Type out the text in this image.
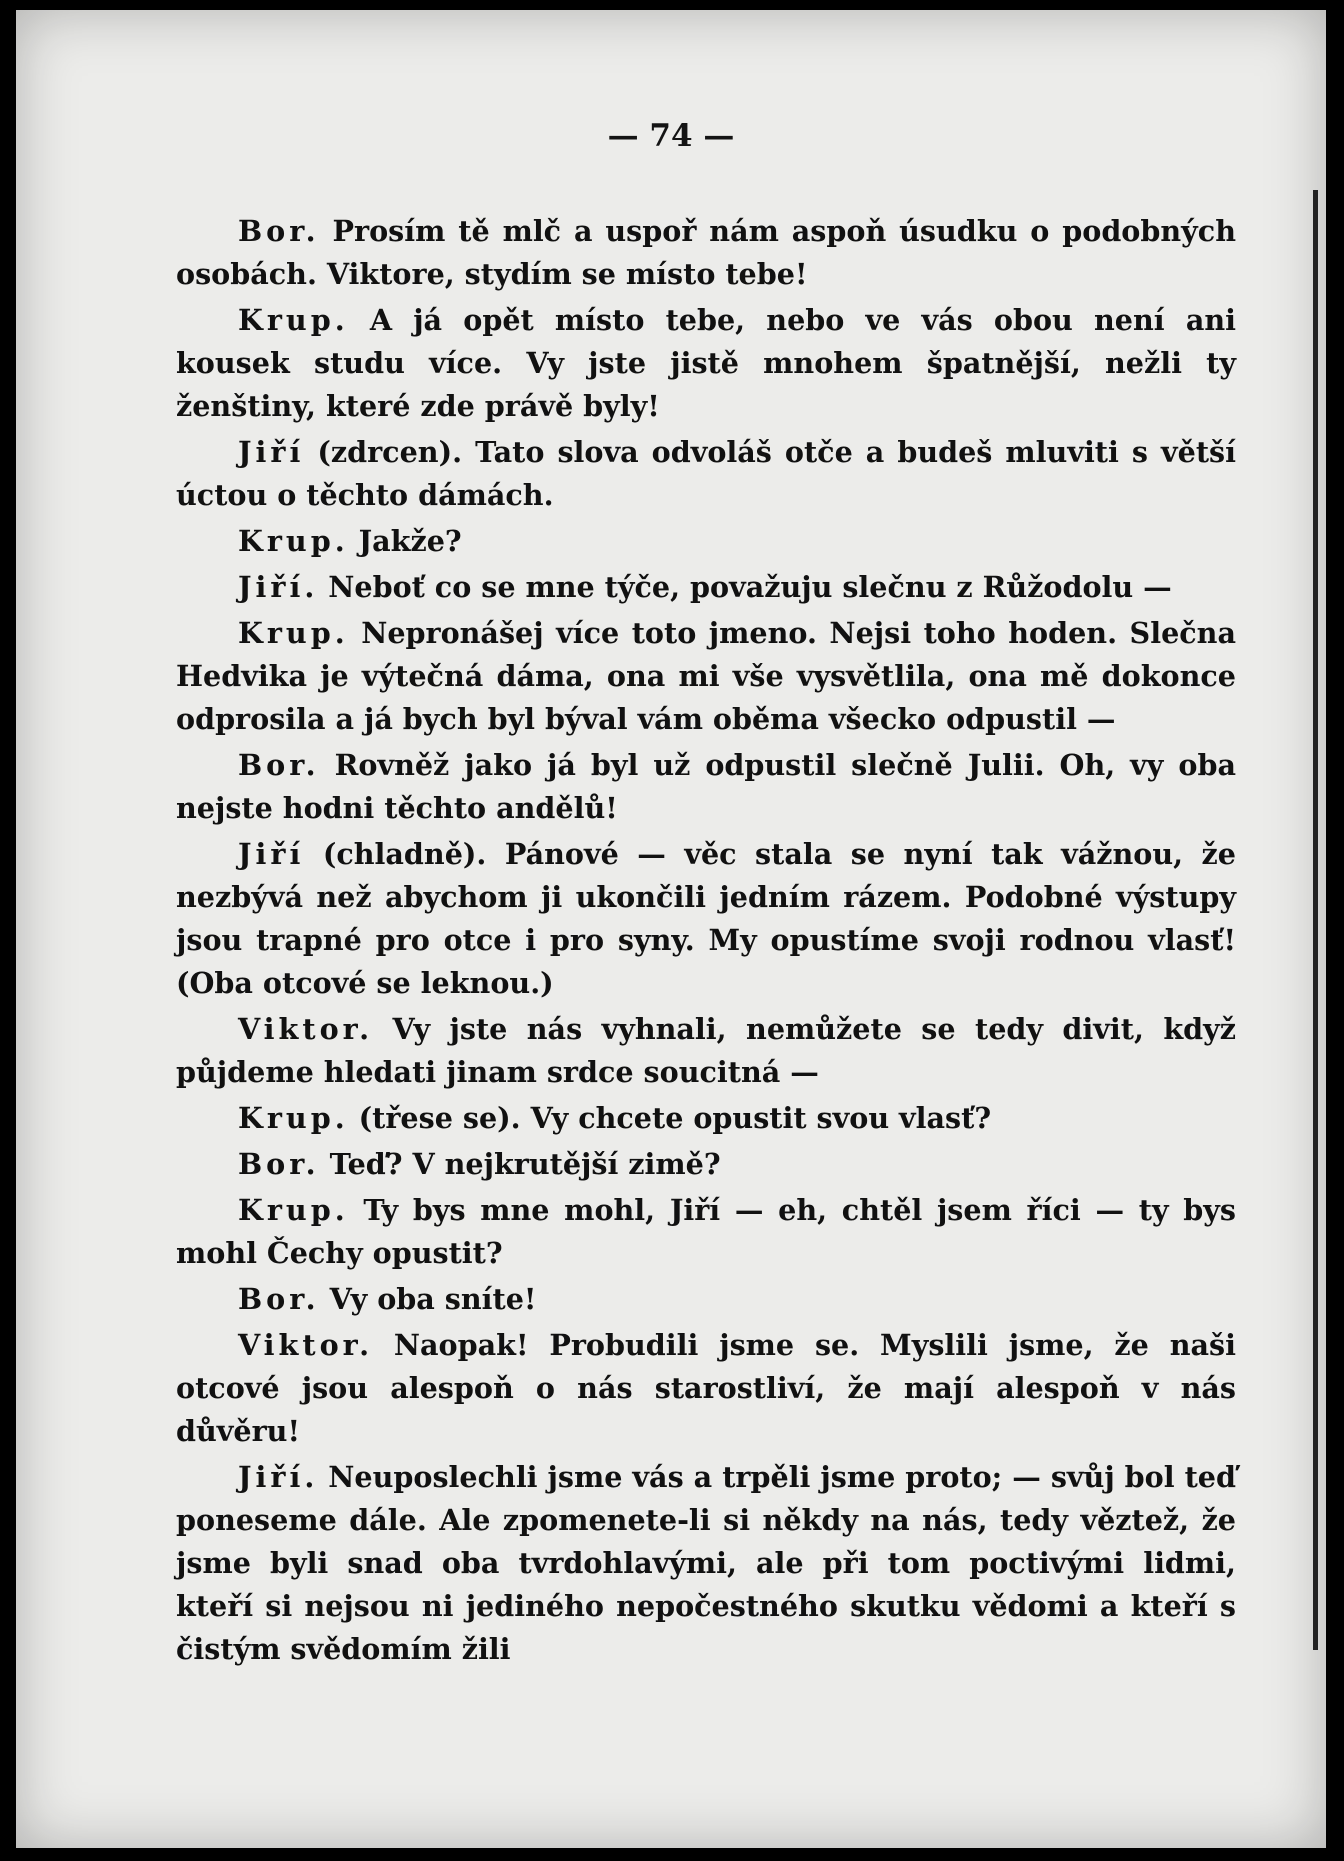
— 74 —

Bor. Prosím tě mlč a uspoř nám aspoň úsudku o podobných osobách. Viktore, stydím se místo tebe!

Krup. A já opět místo tebe, nebo ve vás obou není ani kousek studu více. Vy jste jistě mnohem špatnější, nežli ty ženštiny, které zde právě byly!

Jiří (zdrcen). Tato slova odvoláš otče a budeš mluviti s větší úctou o těchto dámách.

Krup. Jakže?

Jiří. Neboť co se mne týče, považuju slečnu z Růžodolu —

Krup. Nepronášej více toto jmeno. Nejsi toho hoden. Slečna Hedvika je výtečná dáma, ona mi vše vysvětlila, ona mě dokonce odprosila a já bych byl býval vám oběma všecko odpustil —

Bor. Rovněž jako já byl už odpustil slečně Julii. Oh, vy oba nejste hodni těchto andělů!

Jiří (chladně). Pánové — věc stala se nyní tak vážnou, že nezbývá než abychom ji ukončili jedním rázem. Podobné výstupy jsou trapné pro otce i pro syny. My opustíme svoji rodnou vlasť! (Oba otcové se leknou.)

Viktor. Vy jste nás vyhnali, nemůžete se tedy divit, když půjdeme hledati jinam srdce soucitná —

Krup. (třese se). Vy chcete opustit svou vlasť?

Bor. Teď? V nejkrutější zimě?

Krup. Ty bys mne mohl, Jiří — eh, chtěl jsem říci — ty bys mohl Čechy opustit?

Bor. Vy oba sníte!

Viktor. Naopak! Probudili jsme se. Myslili jsme, že naši otcové jsou alespoň o nás starostliví, že mají alespoň v nás důvěru!

Jiří. Neuposlechli jsme vás a trpěli jsme proto; — svůj bol teď poneseme dále. Ale zpomenete-li si někdy na nás, tedy věztež, že jsme byli snad oba tvrdohlavými, ale při tom poctivými lidmi, kteří si nejsou ni jediného nepočestného skutku vědomi a kteří s čistým svědomím žili
